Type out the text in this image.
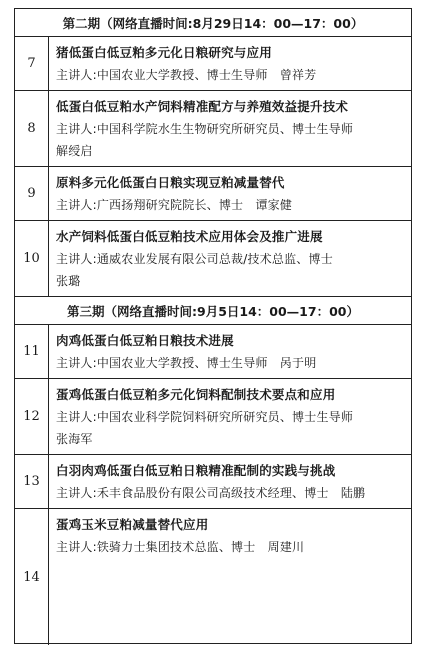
第二期（网络直播时间:8月29日14：00—17：00）
7
猪低蛋白低豆粕多元化日粮研究与应用
主讲人:中国农业大学教授、博士生导师　曾祥芳
8
低蛋白低豆粕水产饲料精准配方与养殖效益提升技术
主讲人:中国科学院水生生物研究所研究员、博士生导师
解绶启
9
原料多元化低蛋白日粮实现豆粕减量替代
主讲人:广西扬翔研究院院长、博士　谭家健
10
水产饲料低蛋白低豆粕技术应用体会及推广进展
主讲人:通威农业发展有限公司总裁/技术总监、博士
张璐
第三期（网络直播时间:9月5日14：00—17：00）
11
肉鸡低蛋白低豆粕日粮技术进展
主讲人:中国农业大学教授、博士生导师　呙于明
12
蛋鸡低蛋白低豆粕多元化饲料配制技术要点和应用
主讲人:中国农业科学院饲料研究所研究员、博士生导师
张海军
13
白羽肉鸡低蛋白低豆粕日粮精准配制的实践与挑战
主讲人:禾丰食品股份有限公司高级技术经理、博士　陆鹏
14
蛋鸡玉米豆粕减量替代应用
主讲人:铁骑力士集团技术总监、博士　周建川
